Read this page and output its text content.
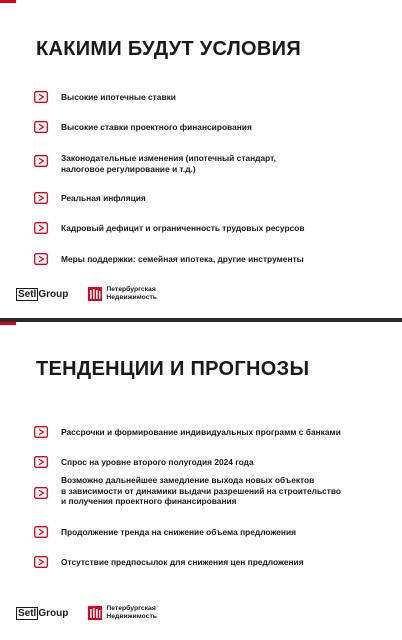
КАКИМИ БУДУТ УСЛОВИЯ
Высокие ипотечные ставки
Высокие ставки проектного финансирования
Законодательные изменения (ипотечный стандарт,
налоговое регулирование и т.д.)
Реальная инфляция
Кадровый дефицит и ограниченность трудовых ресурсов
Меры поддержки: семейная ипотека, другие инструменты
Setl Group	Петербургская
Недвижимость
ТЕНДЕНЦИИ И ПРОГНОЗЫ
Рассрочки и формирование индивидуальных программ с банками
Спрос на уровне второго полугодия 2024 года
Возможно дальнейшее замедление выхода новых объектов
в зависимости от динамики выдачи разрешений на строительство
и получения проектного финансирования
Продолжение тренда на снижение объема предложения
Отсутствие предпосылок для снижения цен предложения
Setl Group	Петербургская
Недвижимость
